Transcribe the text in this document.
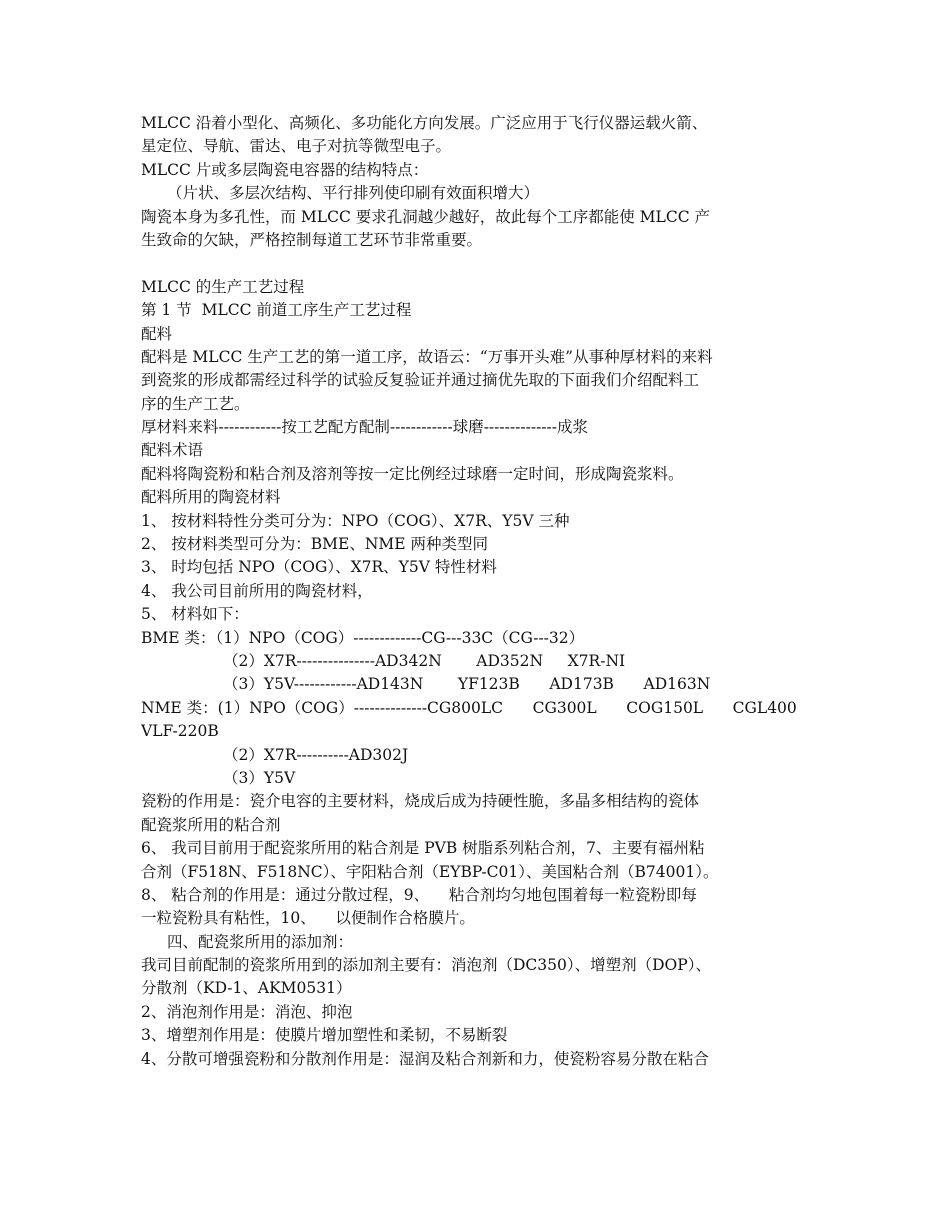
MLCC 沿着小型化、高频化、多功能化方向发展。广泛应用于飞行仪器运载火箭、
星定位、导航、雷达、电子对抗等微型电子。
MLCC 片或多层陶瓷电容器的结构特点：
（片状、多层次结构、平行排列使印刷有效面积增大）
陶瓷本身为多孔性，而 MLCC 要求孔洞越少越好，故此每个工序都能使 MLCC 产
生致命的欠缺，严格控制每道工艺环节非常重要。
MLCC 的生产工艺过程
第 1 节  MLCC 前道工序生产工艺过程
配料
配料是 MLCC 生产工艺的第一道工序，故语云：“万事开头难”从事种厚材料的来料
到瓷浆的形成都需经过科学的试验反复验证并通过摘优先取的下面我们介绍配料工
序的生产工艺。
厚材料来料------------按工艺配方配制------------球磨--------------成浆
配料术语
配料将陶瓷粉和粘合剂及溶剂等按一定比例经过球磨一定时间，形成陶瓷浆料。
配料所用的陶瓷材料
1、 按材料特性分类可分为：NPO（COG）、X7R、Y5V 三种
2、 按材料类型可分为：BME、NME 两种类型同
3、 时均包括 NPO（COG）、X7R、Y5V 特性材料
4、 我公司目前所用的陶瓷材料，
5、 材料如下：
BME 类：（1）NPO（COG）-------------CG---33C（CG---32）
（2）X7R---------------AD342N       AD352N     X7R-NI
（3）Y5V------------AD143N       YF123B      AD173B      AD163N
NME 类：(1）NPO（COG）--------------CG800LC      CG300L      COG150L      CGL400
VLF-220B
（2）X7R----------AD302J
（3）Y5V
瓷粉的作用是：瓷介电容的主要材料，烧成后成为持硬性脆，多晶多相结构的瓷体
配瓷浆所用的粘合剂
6、 我司目前用于配瓷浆所用的粘合剂是 PVB 树脂系列粘合剂，7、主要有福州粘
合剂（F518N、F518NC）、宇阳粘合剂（EYBP-C01）、美国粘合剂（B74001）。
8、 粘合剂的作用是：通过分散过程，9、    粘合剂均匀地包围着每一粒瓷粉即每
一粒瓷粉具有粘性，10、    以便制作合格膜片。
四、配瓷浆所用的添加剂：
我司目前配制的瓷浆所用到的添加剂主要有：消泡剂（DC350）、增塑剂（DOP）、
分散剂（KD-1、AKM0531）
2、消泡剂作用是：消泡、抑泡
3、增塑剂作用是：使膜片增加塑性和柔韧，不易断裂
4、分散可增强瓷粉和分散剂作用是：湿润及粘合剂新和力，使瓷粉容易分散在粘合
